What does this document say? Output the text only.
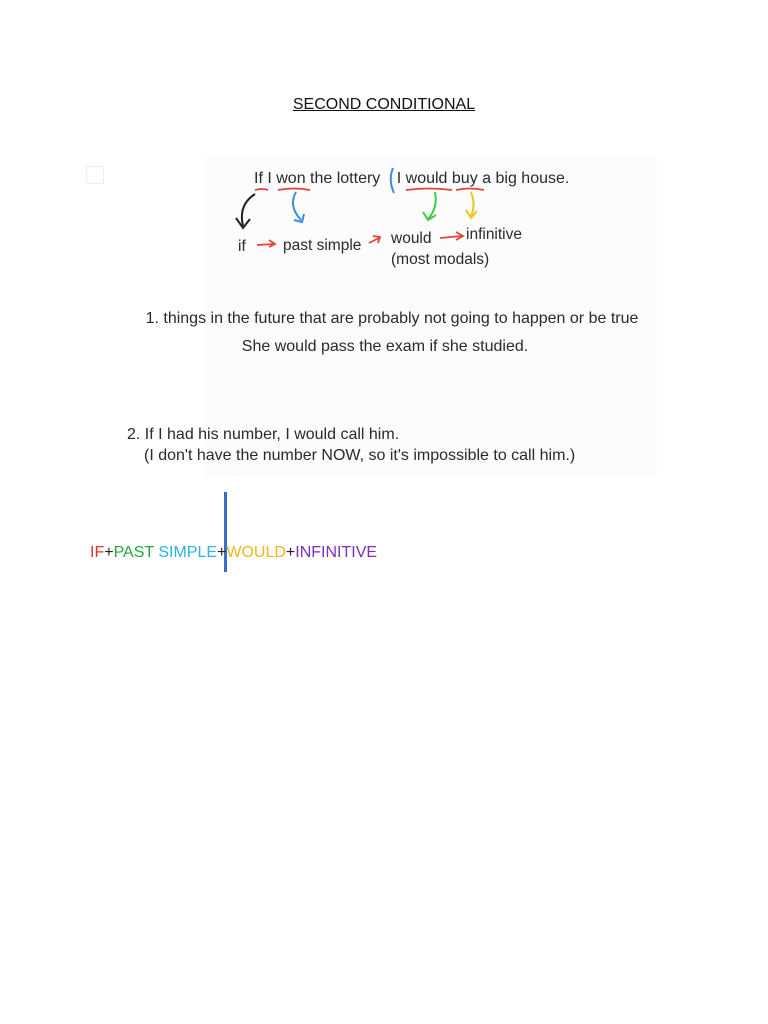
SECOND CONDITIONAL
If I won the lottery I would buy a big house.
if past simple would
(most modals)
infinitive
1. things in the future that are probably not going to happen or be true
She would pass the exam if she studied.
2. If I had his number, I would call him.
(I don't have the number NOW, so it's impossible to call him.)
IF+PAST SIMPLE+WOULD+INFINITIVE
